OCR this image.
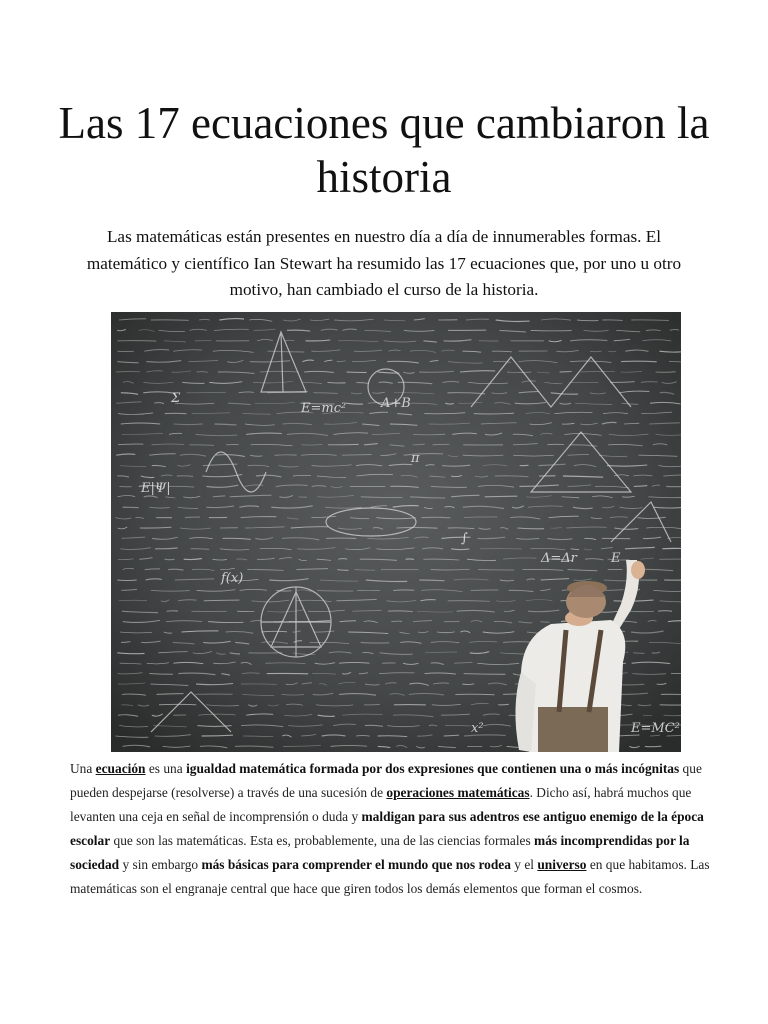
Las 17 ecuaciones que cambiaron la historia

Las matemáticas están presentes en nuestro día a día de innumerables formas. El matemático y científico Ian Stewart ha resumido las 17 ecuaciones que, por uno u otro motivo, han cambiado el curso de la historia.

E=mc²	A+B
Δ=Δr
E|Ψ|
Σ
π
∫
f(x)
x²	E=MC²
E

Una ecuación es una igualdad matemática formada por dos expresiones que contienen una o más incógnitas que pueden despejarse (resolverse) a través de una sucesión de operaciones matemáticas. Dicho así, habrá muchos que levanten una ceja en señal de incomprensión o duda y maldigan para sus adentros ese antiguo enemigo de la época escolar que son las matemáticas. Esta es, probablemente, una de las ciencias formales más incomprendidas por la sociedad y sin embargo más básicas para comprender el mundo que nos rodea y el universo en que habitamos. Las matemáticas son el engranaje central que hace que giren todos los demás elementos que forman el cosmos.
